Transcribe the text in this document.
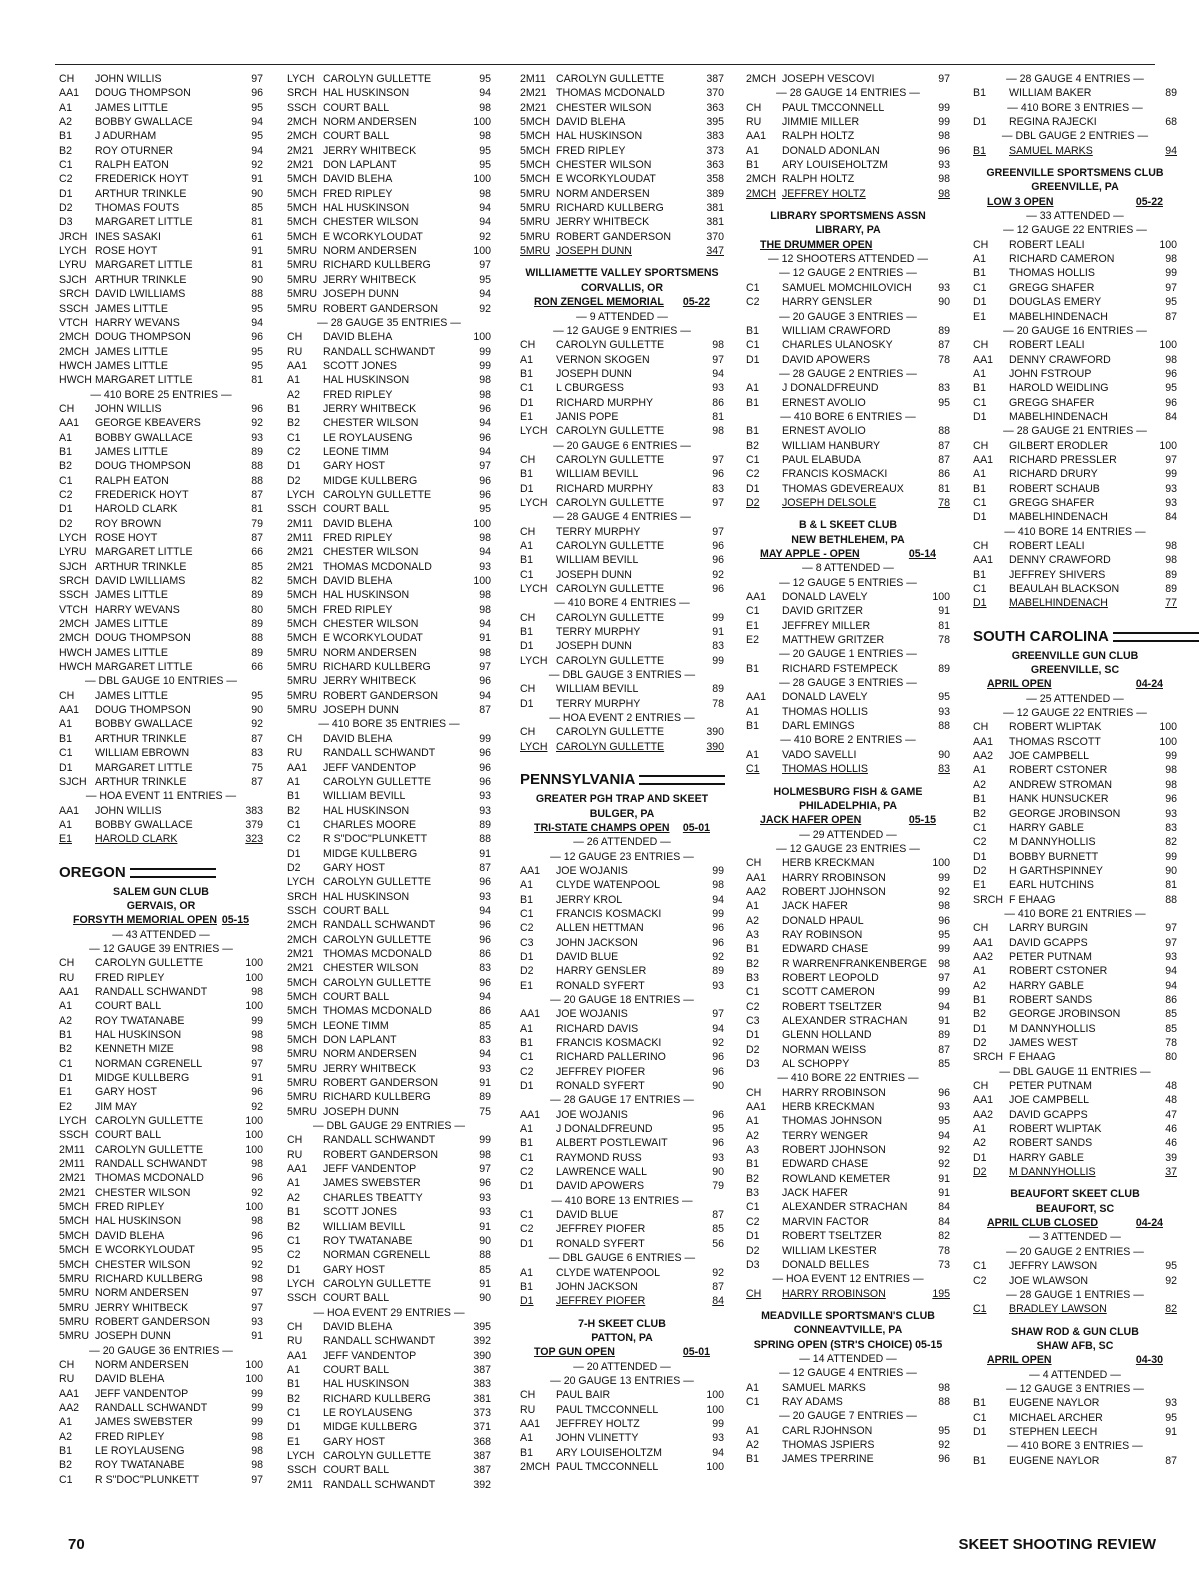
CH	JOHN WILLIS	97
AA1	DOUG THOMPSON	96
A1	JAMES LITTLE	95
A2	BOBBY GWALLACE	94
B1	J ADURHAM	95
B2	ROY OTURNER	94
C1	RALPH EATON	92
C2	FREDERICK HOYT	91
D1	ARTHUR TRINKLE	90
D2	THOMAS FOUTS	85
D3	MARGARET LITTLE	81
JRCH INES SASAKI	61
LYCH ROSE HOYT	91
LYRU MARGARET LITTLE	81
SJCH ARTHUR TRINKLE	90
SRCH DAVID LWILLIAMS	88
SSCH JAMES LITTLE	95
VTCH HARRY WEVANS	94
2MCH DOUG THOMPSON	96
2MCH JAMES LITTLE	95
HWCH JAMES LITTLE	95
HWCH MARGARET LITTLE	81
— 410 BORE 25 ENTRIES —
CH	JOHN WILLIS	96
AA1	GEORGE KBEAVERS	92
A1	BOBBY GWALLACE	93
B1	JAMES LITTLE	89
B2	DOUG THOMPSON	88
C1	RALPH EATON	88
C2	FREDERICK HOYT	87
D1	HAROLD CLARK	81
D2	ROY BROWN	79
LYCH ROSE HOYT	87
LYRU MARGARET LITTLE	66
SJCH ARTHUR TRINKLE	85
SRCH DAVID LWILLIAMS	82
SSCH JAMES LITTLE	89
VTCH HARRY WEVANS	80
2MCH JAMES LITTLE	89
2MCH DOUG THOMPSON	88
HWCH JAMES LITTLE	89
HWCH MARGARET LITTLE	66
— DBL GAUGE 10 ENTRIES —
CH	JAMES LITTLE	95
AA1	DOUG THOMPSON	90
A1	BOBBY GWALLACE	92
B1	ARTHUR TRINKLE	87
C1	WILLIAM EBROWN	83
D1	MARGARET LITTLE	75
SJCH ARTHUR TRINKLE	87
— HOA EVENT 11 ENTRIES —
AA1	JOHN WILLIS	383
A1	BOBBY GWALLACE	379
E1	HAROLD CLARK	323
OREGON
SALEM GUN CLUB
GERVAIS, OR
FORSYTH MEMORIAL OPEN 05-15
— 43 ATTENDED —
— 12 GAUGE 39 ENTRIES —
CH	CAROLYN GULLETTE	100
RU	FRED RIPLEY	100
AA1	RANDALL SCHWANDT	98
A1	COURT BALL	100
A2	ROY TWATANABE	99
B1	HAL HUSKINSON	98
B2	KENNETH MIZE	98
C1	NORMAN CGRENELL	97
D1	MIDGE KULLBERG	91
E1	GARY HOST	96
E2	JIM MAY	92
LYCH CAROLYN GULLETTE	100
SSCH COURT BALL	100
2M11 CAROLYN GULLETTE	100
2M11 RANDALL SCHWANDT	98
2M21 THOMAS MCDONALD	96
2M21 CHESTER WILSON	92
5MCH FRED RIPLEY	100
5MCH HAL HUSKINSON	98
5MCH DAVID BLEHA	96
5MCH E WCORKYLOUDAT	95
5MCH CHESTER WILSON	92
5MRU RICHARD KULLBERG	98
5MRU NORM ANDERSEN	97
5MRU JERRY WHITBECK	97
5MRU ROBERT GANDERSON	93
5MRU JOSEPH DUNN	91
— 20 GAUGE 36 ENTRIES —
CH	NORM ANDERSEN	100
RU	DAVID BLEHA	100
AA1	JEFF VANDENTOP	99
AA2	RANDALL SCHWANDT	99
A1	JAMES SWEBSTER	99
A2	FRED RIPLEY	98
B1	LE ROYLAUSENG	98
B2	ROY TWATANABE	98
C1	R S"DOC"PLUNKETT	97
LYCH CAROLYN GULLETTE	95
SRCH HAL HUSKINSON	94
SSCH COURT BALL	98
2MCH NORM ANDERSEN	100
2MCH COURT BALL	98
2M21 JERRY WHITBECK	95
2M21 DON LAPLANT	95
5MCH DAVID BLEHA	100
5MCH FRED RIPLEY	98
5MCH HAL HUSKINSON	94
5MCH CHESTER WILSON	94
5MCH E WCORKYLOUDAT	92
5MRU NORM ANDERSEN	100
5MRU RICHARD KULLBERG	97
5MRU JERRY WHITBECK	95
5MRU JOSEPH DUNN	94
5MRU ROBERT GANDERSON	92
— 28 GAUGE 35 ENTRIES —
CH	DAVID BLEHA	100
RU	RANDALL SCHWANDT	99
AA1	SCOTT JONES	99
A1	HAL HUSKINSON	98
A2	FRED RIPLEY	98
B1	JERRY WHITBECK	96
B2	CHESTER WILSON	94
C1	LE ROYLAUSENG	96
C2	LEONE TIMM	94
D1	GARY HOST	97
D2	MIDGE KULLBERG	96
LYCH CAROLYN GULLETTE	96
SSCH COURT BALL	95
2M11 DAVID BLEHA	100
2M11 FRED RIPLEY	98
2M21 CHESTER WILSON	94
2M21 THOMAS MCDONALD	93
5MCH DAVID BLEHA	100
5MCH HAL HUSKINSON	98
5MCH FRED RIPLEY	98
5MCH CHESTER WILSON	94
5MCH E WCORKYLOUDAT	91
5MRU NORM ANDERSEN	98
5MRU RICHARD KULLBERG	97
5MRU JERRY WHITBECK	96
5MRU ROBERT GANDERSON	94
5MRU JOSEPH DUNN	87
— 410 BORE 35 ENTRIES —
CH	DAVID BLEHA	99
RU	RANDALL SCHWANDT	96
AA1	JEFF VANDENTOP	96
A1	CAROLYN GULLETTE	96
B1	WILLIAM BEVILL	93
B2	HAL HUSKINSON	93
C1	CHARLES MOORE	89
C2	R S"DOC"PLUNKETT	88
D1	MIDGE KULLBERG	91
D2	GARY HOST	87
LYCH CAROLYN GULLETTE	96
SRCH HAL HUSKINSON	93
SSCH COURT BALL	94
2MCH RANDALL SCHWANDT	96
2MCH CAROLYN GULLETTE	96
2M21 THOMAS MCDONALD	86
2M21 CHESTER WILSON	83
5MCH CAROLYN GULLETTE	96
5MCH COURT BALL	94
5MCH THOMAS MCDONALD	86
5MCH LEONE TIMM	85
5MCH DON LAPLANT	83
5MRU NORM ANDERSEN	94
5MRU JERRY WHITBECK	93
5MRU ROBERT GANDERSON	91
5MRU RICHARD KULLBERG	89
5MRU JOSEPH DUNN	75
— DBL GAUGE 29 ENTRIES —
CH	RANDALL SCHWANDT	99
RU	ROBERT GANDERSON	98
AA1	JEFF VANDENTOP	97
A1	JAMES SWEBSTER	96
A2	CHARLES TBEATTY	93
B1	SCOTT JONES	93
B2	WILLIAM BEVILL	91
C1	ROY TWATANABE	90
C2	NORMAN CGRENELL	88
D1	GARY HOST	85
LYCH CAROLYN GULLETTE	91
SSCH COURT BALL	90
— HOA EVENT 29 ENTRIES —
CH	DAVID BLEHA	395
RU	RANDALL SCHWANDT	392
AA1	JEFF VANDENTOP	390
A1	COURT BALL	387
B1	HAL HUSKINSON	383
B2	RICHARD KULLBERG	381
C1	LE ROYLAUSENG	373
D1	MIDGE KULLBERG	371
E1	GARY HOST	368
LYCH CAROLYN GULLETTE	387
SSCH COURT BALL	387
2M11 RANDALL SCHWANDT	392
2M11 CAROLYN GULLETTE	387
2M21 THOMAS MCDONALD	370
2M21 CHESTER WILSON	363
5MCH DAVID BLEHA	395
5MCH HAL HUSKINSON	383
5MCH FRED RIPLEY	373
5MCH CHESTER WILSON	363
5MCH E WCORKYLOUDAT	358
5MRU NORM ANDERSEN	389
5MRU RICHARD KULLBERG	381
5MRU JERRY WHITBECK	381
5MRU ROBERT GANDERSON	370
5MRU JOSEPH DUNN	347
WILLIAMETTE VALLEY SPORTSMENS
CORVALLIS, OR
RON ZENGEL MEMORIAL 05-22
— 9 ATTENDED —
— 12 GAUGE 9 ENTRIES —
CH	CAROLYN GULLETTE	98
A1	VERNON SKOGEN	97
B1	JOSEPH DUNN	94
C1	L CBURGESS	93
D1	RICHARD MURPHY	86
E1	JANIS POPE	81
LYCH CAROLYN GULLETTE	98
— 20 GAUGE 6 ENTRIES —
CH	CAROLYN GULLETTE	97
B1	WILLIAM BEVILL	96
D1	RICHARD MURPHY	83
LYCH CAROLYN GULLETTE	97
— 28 GAUGE 4 ENTRIES —
CH	TERRY MURPHY	97
A1	CAROLYN GULLETTE	96
B1	WILLIAM BEVILL	96
C1	JOSEPH DUNN	92
LYCH CAROLYN GULLETTE	96
— 410 BORE 4 ENTRIES —
CH	CAROLYN GULLETTE	99
B1	TERRY MURPHY	91
D1	JOSEPH DUNN	83
LYCH CAROLYN GULLETTE	99
— DBL GAUGE 3 ENTRIES —
CH	WILLIAM BEVILL	89
D1	TERRY MURPHY	78
— HOA EVENT 2 ENTRIES —
CH	CAROLYN GULLETTE	390
LYCH CAROLYN GULLETTE	390
PENNSYLVANIA
GREATER PGH TRAP AND SKEET
BULGER, PA
TRI-STATE CHAMPS OPEN 05-01
— 26 ATTENDED —
— 12 GAUGE 23 ENTRIES —
AA1	JOE WOJANIS	99
A1	CLYDE WATENPOOL	98
B1	JERRY KROL	94
C1	FRANCIS KOSMACKI	99
C2	ALLEN HETTMAN	96
C3	JOHN JACKSON	96
D1	DAVID BLUE	92
D2	HARRY GENSLER	89
E1	RONALD SYFERT	93
— 20 GAUGE 18 ENTRIES —
AA1	JOE WOJANIS	97
A1	RICHARD DAVIS	94
B1	FRANCIS KOSMACKI	92
C1	RICHARD PALLERINO	96
C2	JEFFREY PIOFER	96
D1	RONALD SYFERT	90
— 28 GAUGE 17 ENTRIES —
AA1	JOE WOJANIS	96
A1	J DONALDFREUND	95
B1	ALBERT POSTLEWAIT	96
C1	RAYMOND RUSS	93
C2	LAWRENCE WALL	90
D1	DAVID APOWERS	79
— 410 BORE 13 ENTRIES —
C1	DAVID BLUE	87
C2	JEFFREY PIOFER	85
D1	RONALD SYFERT	56
— DBL GAUGE 6 ENTRIES —
A1	CLYDE WATENPOOL	92
B1	JOHN JACKSON	87
D1	JEFFREY PIOFER	84
7-H SKEET CLUB
PATTON, PA
TOP GUN OPEN	05-01
— 20 ATTENDED —
— 20 GAUGE 13 ENTRIES —
CH	PAUL BAIR	100
RU	PAUL TMCCONNELL	100
AA1	JEFFREY HOLTZ	99
A1	JOHN VLINETTY	93
B1	ARY LOUISEHOLTZM	94
2MCH PAUL TMCCONNELL	100
2MCH JOSEPH VESCOVI	97
— 28 GAUGE 14 ENTRIES —
CH	PAUL TMCCONNELL	99
RU	JIMMIE MILLER	99
AA1	RALPH HOLTZ	98
A1	DONALD ADONLAN	96
B1	ARY LOUISEHOLTZM	93
2MCH RALPH HOLTZ	98
2MCH JEFFREY HOLTZ	98
LIBRARY SPORTSMENS ASSN
LIBRARY, PA
THE DRUMMER OPEN
— 12 SHOOTERS ATTENDED —
— 12 GAUGE 2 ENTRIES —
C1	SAMUEL MOMCHILOVICH	93
C2	HARRY GENSLER	90
— 20 GAUGE 3 ENTRIES —
B1	WILLIAM CRAWFORD	89
C1	CHARLES ULANOSKY	87
D1	DAVID APOWERS	78
— 28 GAUGE 2 ENTRIES —
A1	J DONALDFREUND	83
B1	ERNEST AVOLIO	95
— 410 BORE 6 ENTRIES —
B1	ERNEST AVOLIO	88
B2	WILLIAM HANBURY	87
C1	PAUL ELABUDA	87
C2	FRANCIS KOSMACKI	86
D1	THOMAS GDEVEREAUX	81
D2	JOSEPH DELSOLE	78
B & L SKEET CLUB
NEW BETHLEHEM, PA
MAY APPLE - OPEN	05-14
— 8 ATTENDED —
— 12 GAUGE 5 ENTRIES —
AA1	DONALD LAVELY	100
C1	DAVID GRITZER	91
E1	JEFFREY MILLER	81
E2	MATTHEW GRITZER	78
— 20 GAUGE 1 ENTRIES —
B1	RICHARD FSTEMPECK	89
— 28 GAUGE 3 ENTRIES —
AA1	DONALD LAVELY	95
A1	THOMAS HOLLIS	93
B1	DARL EMINGS	88
— 410 BORE 2 ENTRIES —
A1	VADO SAVELLI	90
C1	THOMAS HOLLIS	83
HOLMESBURG FISH & GAME
PHILADELPHIA, PA
JACK HAFER OPEN	05-15
— 29 ATTENDED —
— 12 GAUGE 23 ENTRIES —
CH	HERB KRECKMAN	100
AA1	HARRY RROBINSON	99
AA2	ROBERT JJOHNSON	92
A1	JACK HAFER	98
A2	DONALD HPAUL	96
A3	RAY ROBINSON	95
B1	EDWARD CHASE	99
B2	R WARRENFRANKENBERGE	98
B3	ROBERT LEOPOLD	97
C1	SCOTT CAMERON	99
C2	ROBERT TSELTZER	94
C3	ALEXANDER STRACHAN	91
D1	GLENN HOLLAND	89
D2	NORMAN WEISS	87
D3	AL SCHOPPY	85
— 410 BORE 22 ENTRIES —
CH	HARRY RROBINSON	96
AA1	HERB KRECKMAN	93
A1	THOMAS JOHNSON	95
A2	TERRY WENGER	94
A3	ROBERT JJOHNSON	92
B1	EDWARD CHASE	92
B2	ROWLAND KEMETER	91
B3	JACK HAFER	91
C1	ALEXANDER STRACHAN	84
C2	MARVIN FACTOR	84
D1	ROBERT TSELTZER	82
D2	WILLIAM LKESTER	78
D3	DONALD BELLES	73
— HOA EVENT 12 ENTRIES —
CH	HARRY RROBINSON	195
MEADVILLE SPORTSMAN'S CLUB
CONNEAVTVILLE, PA
SPRING OPEN (STR'S CHOICE) 05-15
— 14 ATTENDED —
— 12 GAUGE 4 ENTRIES —
A1	SAMUEL MARKS	98
C1	RAY ADAMS	88
— 20 GAUGE 7 ENTRIES —
A1	CARL RJOHNSON	95
A2	THOMAS JSPIERS	92
B1	JAMES TPERRINE	96
— 28 GAUGE 4 ENTRIES —
B1	WILLIAM BAKER	89
— 410 BORE 3 ENTRIES —
D1	REGINA RAJECKI	68
— DBL GAUGE 2 ENTRIES —
B1	SAMUEL MARKS	94
GREENVILLE SPORTSMENS CLUB
GREENVILLE, PA
LOW 3 OPEN	05-22
— 33 ATTENDED —
— 12 GAUGE 22 ENTRIES —
CH	ROBERT LEALI	100
A1	RICHARD CAMERON	98
B1	THOMAS HOLLIS	99
C1	GREGG SHAFER	97
D1	DOUGLAS EMERY	95
E1	MABELHINDENACH	87
— 20 GAUGE 16 ENTRIES —
CH	ROBERT LEALI	100
AA1	DENNY CRAWFORD	98
A1	JOHN FSTROUP	96
B1	HAROLD WEIDLING	95
C1	GREGG SHAFER	96
D1	MABELHINDENACH	84
— 28 GAUGE 21 ENTRIES —
CH	GILBERT ERODLER	100
AA1	RICHARD PRESSLER	97
A1	RICHARD DRURY	99
B1	ROBERT SCHAUB	93
C1	GREGG SHAFER	93
D1	MABELHINDENACH	84
— 410 BORE 14 ENTRIES —
CH	ROBERT LEALI	98
AA1	DENNY CRAWFORD	98
B1	JEFFREY SHIVERS	89
C1	BEAULAH BLACKSON	89
D1	MABELHINDENACH	77
SOUTH CAROLINA
GREENVILLE GUN CLUB
GREENVILLE, SC
APRIL OPEN	04-24
— 25 ATTENDED —
— 12 GAUGE 22 ENTRIES —
CH	ROBERT WLIPTAK	100
AA1	THOMAS RSCOTT	100
AA2	JOE CAMPBELL	99
A1	ROBERT CSTONER	98
A2	ANDREW STROMAN	98
B1	HANK HUNSUCKER	96
B2	GEORGE JROBINSON	93
C1	HARRY GABLE	83
C2	M DANNYHOLLIS	82
D1	BOBBY BURNETT	99
D2	H GARTHSPINNEY	90
E1	EARL HUTCHINS	81
SRCH F EHAAG	88
— 410 BORE 21 ENTRIES —
CH	LARRY BURGIN	97
AA1	DAVID GCAPPS	97
AA2	PETER PUTNAM	93
A1	ROBERT CSTONER	94
A2	HARRY GABLE	94
B1	ROBERT SANDS	86
B2	GEORGE JROBINSON	85
D1	M DANNYHOLLIS	85
D2	JAMES WEST	78
SRCH F EHAAG	80
— DBL GAUGE 11 ENTRIES —
CH	PETER PUTNAM	48
AA1	JOE CAMPBELL	48
AA2	DAVID GCAPPS	47
A1	ROBERT WLIPTAK	46
A2	ROBERT SANDS	46
D1	HARRY GABLE	39
D2	M DANNYHOLLIS	37
BEAUFORT SKEET CLUB
BEAUFORT, SC
APRIL CLUB CLOSED	04-24
— 3 ATTENDED —
— 20 GAUGE 2 ENTRIES —
C1	JEFFRY LAWSON	95
C2	JOE WLAWSON	92
— 28 GAUGE 1 ENTRIES —
C1	BRADLEY LAWSON	82
SHAW ROD & GUN CLUB
SHAW AFB, SC
APRIL OPEN	04-30
— 4 ATTENDED —
— 12 GAUGE 3 ENTRIES —
B1	EUGENE NAYLOR	93
C1	MICHAEL ARCHER	95
D1	STEPHEN LEECH	91
— 410 BORE 3 ENTRIES —
B1	EUGENE NAYLOR	87
70	SKEET SHOOTING REVIEW
